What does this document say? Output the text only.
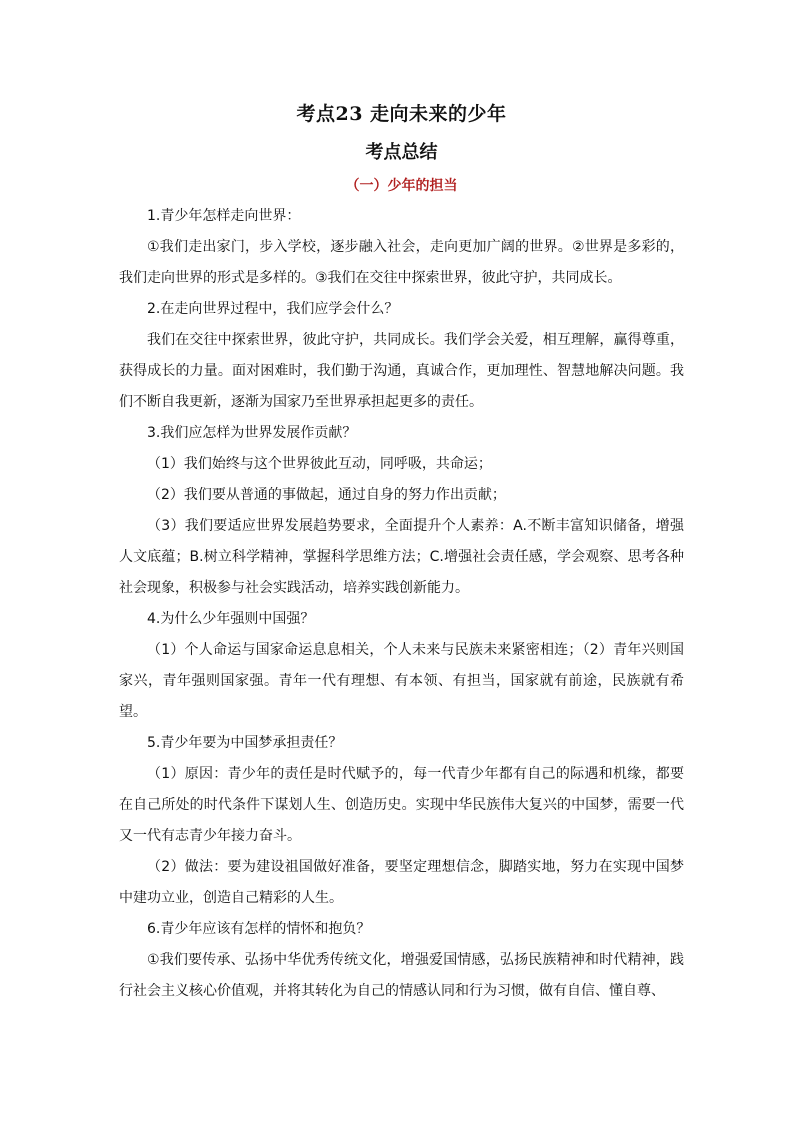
考点23 走向未来的少年
考点总结
（一）少年的担当
1.青少年怎样走向世界：
①我们走出家门，步入学校，逐步融入社会，走向更加广阔的世界。②世界是多彩的，我们走向世界的形式是多样的。③我们在交往中探索世界，彼此守护，共同成长。
2.在走向世界过程中，我们应学会什么？
我们在交往中探索世界，彼此守护，共同成长。我们学会关爱，相互理解，赢得尊重，获得成长的力量。面对困难时，我们勤于沟通，真诚合作，更加理性、智慧地解决问题。我们不断自我更新，逐渐为国家乃至世界承担起更多的责任。
3.我们应怎样为世界发展作贡献？
（1）我们始终与这个世界彼此互动，同呼吸，共命运；
（2）我们要从普通的事做起，通过自身的努力作出贡献；
（3）我们要适应世界发展趋势要求，全面提升个人素养：A.不断丰富知识储备，增强人文底蕴；B.树立科学精神，掌握科学思维方法；C.增强社会责任感，学会观察、思考各种社会现象，积极参与社会实践活动，培养实践创新能力。
4.为什么少年强则中国强？
（1）个人命运与国家命运息息相关，个人未来与民族未来紧密相连；（2）青年兴则国家兴，青年强则国家强。青年一代有理想、有本领、有担当，国家就有前途，民族就有希望。
5.青少年要为中国梦承担责任？
（1）原因：青少年的责任是时代赋予的，每一代青少年都有自己的际遇和机缘，都要在自己所处的时代条件下谋划人生、创造历史。实现中华民族伟大复兴的中国梦，需要一代又一代有志青少年接力奋斗。
（2）做法：要为建设祖国做好准备，要坚定理想信念，脚踏实地，努力在实现中国梦中建功立业，创造自己精彩的人生。
6.青少年应该有怎样的情怀和抱负？
①我们要传承、弘扬中华优秀传统文化，增强爱国情感，弘扬民族精神和时代精神，践行社会主义核心价值观，并将其转化为自己的情感认同和行为习惯，做有自信、懂自尊、
